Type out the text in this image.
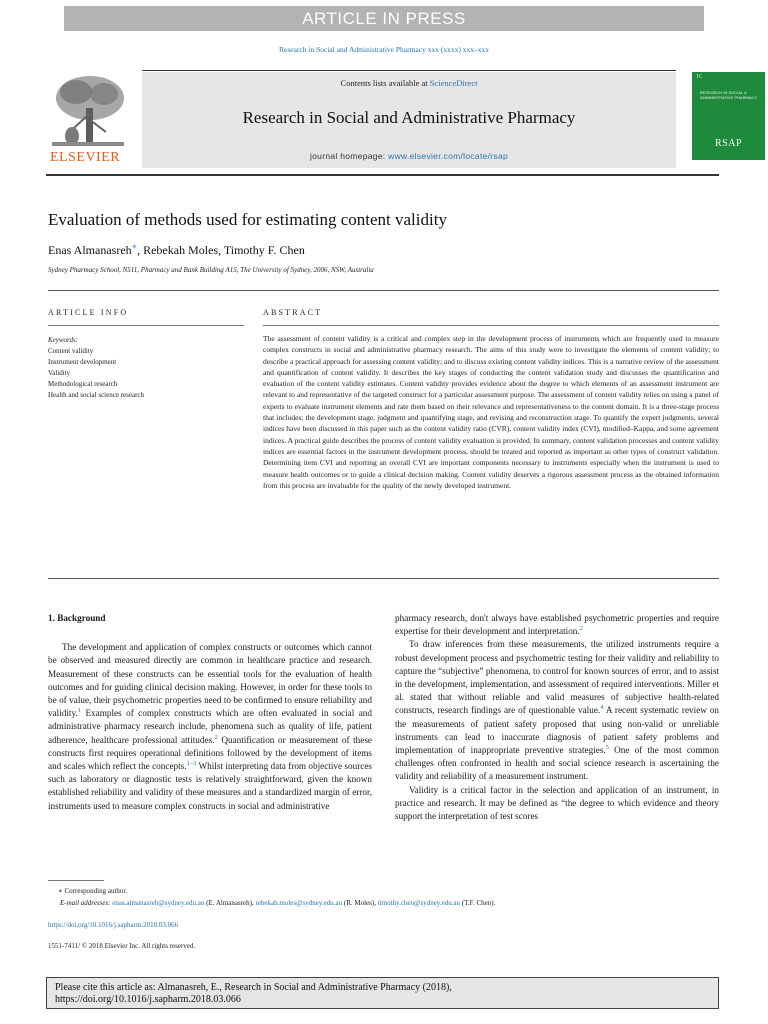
ARTICLE IN PRESS
Research in Social and Administrative Pharmacy xxx (xxxx) xxx–xxx
ELSEVIER
Contents lists available at ScienceDirect
Research in Social and Administrative Pharmacy
journal homepage: www.elsevier.com/locate/rsap
TC
RESEARCH IN SOCIAL & ADMINISTRATIVE PHARMACY
RSAP
Evaluation of methods used for estimating content validity
Enas Almanasreh∗, Rebekah Moles, Timothy F. Chen
Sydney Pharmacy School, N511, Pharmacy and Bank Building A15, The University of Sydney, 2006, NSW, Australia
ARTICLE INFO	ABSTRACT
Keywords:
Content validity
Instrument development
Validity
Methodological research
Health and social science research
The assessment of content validity is a critical and complex step in the development process of instruments which are frequently used to measure complex constructs in social and administrative pharmacy research. The aims of this study were to investigate the elements of content validity; to describe a practical approach for assessing content validity; and to discuss existing content validity indices. This is a narrative review of the assessment and quantification of content validity. It describes the key stages of conducting the content validation study and discusses the quantification and evaluation of the content validity estimates. Content validity provides evidence about the degree to which elements of an assessment instrument are relevant to and representative of the targeted construct for a particular assessment purpose. The assessment of content validity relies on using a panel of experts to evaluate instrument elements and rate them based on their relevance and representativeness to the content domain. It is a three-stage process that includes; the development stage, judgment and quantifying stage, and revising and reconstruction stage. To quantify the expert judgments, several indices have been discussed in this paper such as the content validity ratio (CVR), content validity index (CVI), modified–Kappa, and some agreement indices. A practical guide describes the process of content validity evaluation is provided. In summary, content validation processes and content validity indices are essential factors in the instrument development process, should be treated and reported as important as other types of construct validation. Determining item CVI and reporting an overall CVI are important components necessary to instruments especially when the instrument is used to measure health outcomes or to guide a clinical decision making. Content validity deserves a rigorous assessment process as the obtained information from this process are invaluable for the quality of the newly developed instrument.
1. Background

The development and application of complex constructs or outcomes which cannot be observed and measured directly are common in healthcare practice and research. Measurement of these constructs can be essential tools for the evaluation of health outcomes and for guiding clinical decision making. However, in order for these tools to be of value, their psychometric properties need to be confirmed to ensure reliability and validity.$^1$ Examples of complex constructs which are often evaluated in social and administrative pharmacy research include, phenomena such as quality of life, patient adherence, healthcare professional attitudes.$^2$ Quantification or measurement of these constructs first requires operational definitions followed by the development of items and scales which reflect the concepts.$^{1-3}$ Whilst interpreting data from objective sources such as laboratory or diagnostic tests is relatively straightforward, given the known established reliability and validity of these measures and a standardized margin of error, instruments used to measure complex constructs in social and administrative

pharmacy research, don't always have established psychometric properties and require expertise for their development and interpretation.$^2$

To draw inferences from these measurements, the utilized instruments require a robust development process and psychometric testing for their validity and reliability to capture the “subjective” phenomena, to control for known sources of error, and to assist in the development, implementation, and assessment of required interventions. Miller et al. stated that without reliable and valid measures of subjective health-related constructs, research findings are of questionable value.$^4$ A recent systematic review on the measurements of patient safety proposed that using non-valid or unreliable instruments can lead to inaccurate diagnosis of patient safety problems and implementation of inappropriate preventive strategies.$^5$ One of the most common challenges often confronted in health and social science research is ascertaining the validity and reliability of a measurement instrument.

Validity is a critical factor in the selection and application of an instrument, in practice and research. It may be defined as “the degree to which evidence and theory support the interpretation of test scores

∗ Corresponding author.
E-mail addresses: enas.almanasreh@sydney.edu.au (E. Almanasreh), rebekah.moles@sydney.edu.au (R. Moles), timothy.chen@sydney.edu.au (T.F. Chen).
https://doi.org/10.1016/j.sapharm.2018.03.066
1551-7411/ © 2018 Elsevier Inc. All rights reserved.
Please cite this article as: Almanasreh, E., Research in Social and Administrative Pharmacy (2018),
https://doi.org/10.1016/j.sapharm.2018.03.066
